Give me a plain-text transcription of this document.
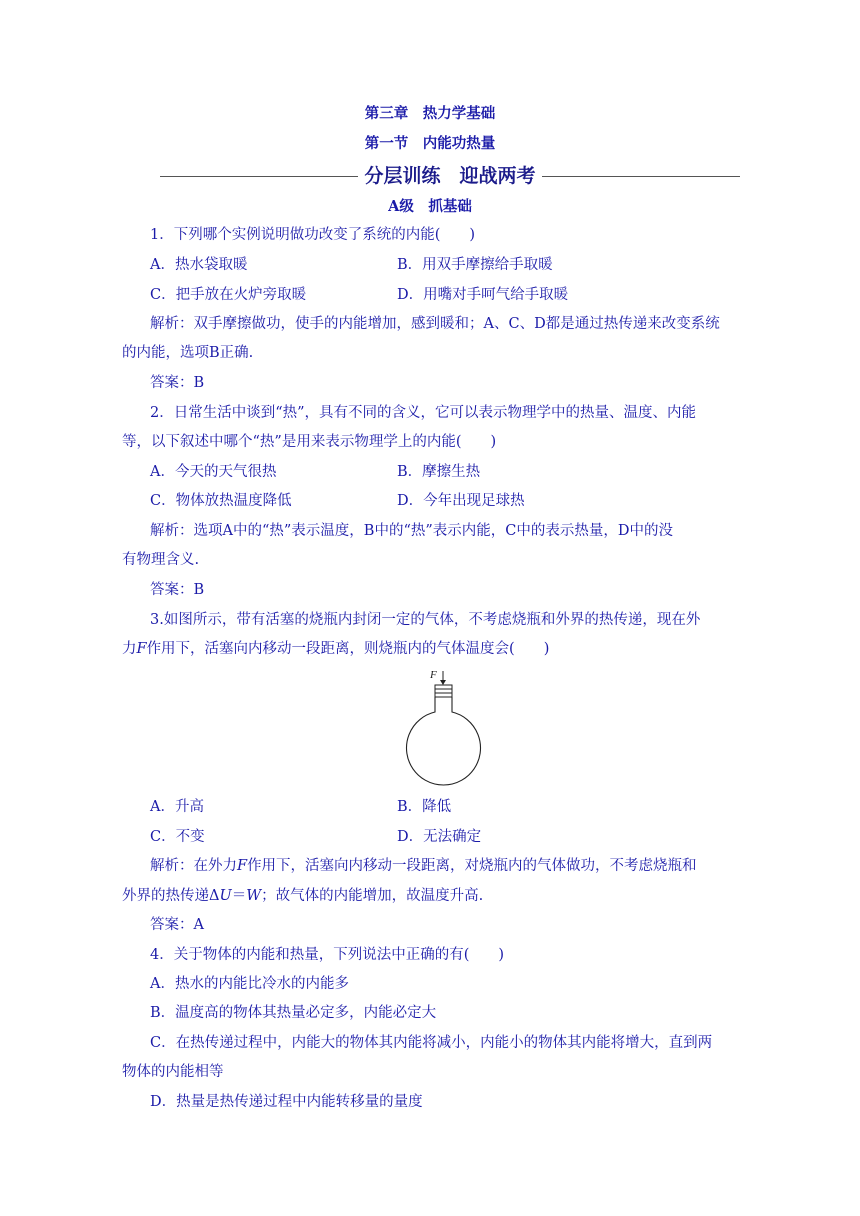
第三章　热力学基础
第一节　内能功热量
分层训练　迎战两考
A级　抓基础
1．下列哪个实例说明做功改变了系统的内能(　　)
A．热水袋取暖	B．用双手摩擦给手取暖
C．把手放在火炉旁取暖	D．用嘴对手呵气给手取暖
解析：双手摩擦做功，使手的内能增加，感到暖和；A、C、D都是通过热传递来改变系统
的内能，选项B正确.
答案：B
2．日常生活中谈到“热”，具有不同的含义，它可以表示物理学中的热量、温度、内能
等，以下叙述中哪个“热”是用来表示物理学上的内能(　　)
A．今天的天气很热	B．摩擦生热
C．物体放热温度降低	D．今年出现足球热
解析：选项A中的“热”表示温度，B中的“热”表示内能，C中的表示热量，D中的没
有物理含义.
答案：B
3.如图所示，带有活塞的烧瓶内封闭一定的气体，不考虑烧瓶和外界的热传递，现在外
力F作用下，活塞向内移动一段距离，则烧瓶内的气体温度会(　　)
F
A．升高	B．降低
C．不变	D．无法确定
解析：在外力F作用下，活塞向内移动一段距离，对烧瓶内的气体做功，不考虑烧瓶和
外界的热传递ΔU＝W；故气体的内能增加，故温度升高.
答案：A
4．关于物体的内能和热量，下列说法中正确的有(　　)
A．热水的内能比冷水的内能多
B．温度高的物体其热量必定多，内能必定大
C．在热传递过程中，内能大的物体其内能将减小，内能小的物体其内能将增大，直到两
物体的内能相等
D．热量是热传递过程中内能转移量的量度
